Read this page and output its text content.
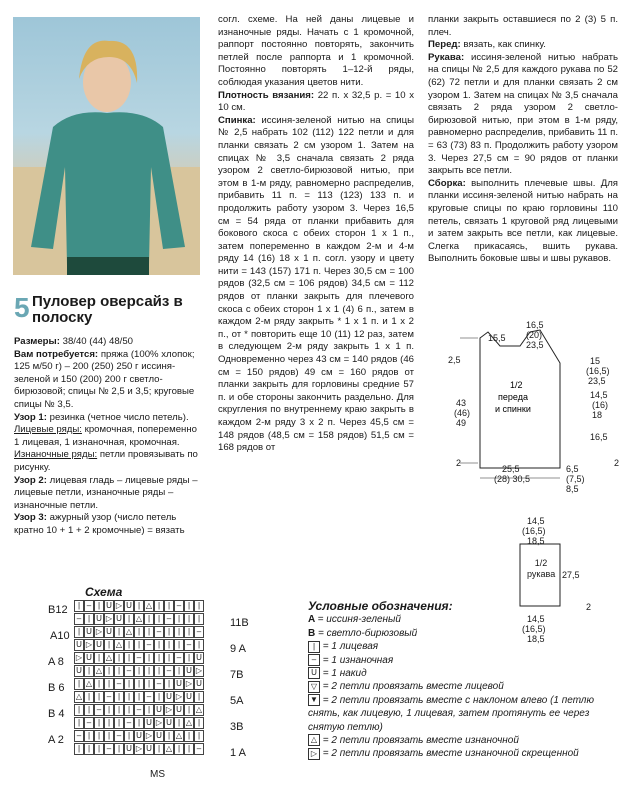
5 Пуловер оверсайз в полоску

Размеры: 38/40 (44) 48/50

Вам потребуется: пряжа (100% хлопок; 125 м/50 г) – 200 (250) 250 г иссиня-зеленой и 150 (200) 200 г светло-бирюзовой; спицы № 2,5 и 3,5; круговые спицы № 3,5.

Узор 1: резинка (четное число петель).

Лицевые ряды: кромочная, попеременно 1 лицевая, 1 изнаночная, кромочная. Изнаночные ряды: петли провязывать по рисунку.

Узор 2: лицевая гладь – лицевые ряды – лицевые петли, изнаночные ряды – изнаночные петли.

Узор 3: ажурный узор (число петель кратно 10 + 1 + 2 кромочные) = вязать

согл. схеме. На ней даны лицевые и изнаночные ряды. Начать с 1 кромочной, раппорт постоянно повторять, закончить петлей после раппорта и 1 кромочной. Постоянно повторять 1–12-й ряды, соблюдая указания цветов нити.

Плотность вязания: 22 п. х 32,5 р. = 10 х 10 см.

Спинка: иссиня-зеленой нитью на спицы № 2,5 набрать 102 (112) 122 петли и для планки связать 2 см узором 1. Затем на спицах № 3,5 сначала связать 2 ряда узором 2 светло-бирюзовой нитью, при этом в 1-м ряду, равномерно распределив, прибавить 11 п. = 113 (123) 133 п. и продолжить работу узором 3. Через 16,5 см = 54 ряда от планки прибавить для бокового скоса с обеих сторон 1 х 1 п., затем попеременно в каждом 2-м и 4-м ряду 14 (16) 18 х 1 п. согл. узору и цвету нити = 143 (157) 171 п. Через 30,5 см = 100 рядов (32,5 см = 106 рядов) 34,5 см = 112 рядов от планки закрыть для плечевого скоса с обеих сторон 1 х 1 (4) 6 п., затем в каждом 2-м ряду закрыть * 1 х 1 п. и 1 х 2 п., от * повторить еще 10 (11) 12 раз, затем в следующем 2-м ряду закрыть 1 х 1 п. Одновременно через 43 см = 140 рядов (46 см = 150 рядов) 49 см = 160 рядов от планки закрыть для горловины средние 57 п. и обе стороны закончить раздельно. Для скругления по внутреннему краю закрыть в каждом 2-м ряду 3 х 2 п. Через 45,5 см = 148 рядов (48,5 см = 158 рядов) 51,5 см = 168 рядов от

планки закрыть оставшиеся по 2 (3) 5 п. плеч.

Перед: вязать, как спинку.

Рукава: иссиня-зеленой нитью набрать на спицы № 2,5 для каждого рукава по 52 (62) 72 петли и для планки связать 2 см узором 1. Затем на спицах № 3,5 сначала связать 2 ряда узором 2 светло-бирюзовой нитью, при этом в 1-м ряду, равномерно распределив, прибавить 11 п. = 63 (73) 83 п. Продолжить работу узором 3. Через 27,5 см = 90 рядов от планки закрыть все петли.

Сборка: выполнить плечевые швы. Для планки иссиня-зеленой нитью набрать на круговые спицы по краю горловины 110 петель, связать 1 круговой ряд лицевыми и затем закрыть все петли, как лицевые. Слегка прикасаясь, вшить рукава. Выполнить боковые швы и швы рукавов.

1/2
переда
и спинки
2,5
15,5
16,5
(20)
23,5
15
(16,5)
23,5
43
(46)
49
14,5
(16)
18
16,5
2
25,5
(28) 30,5
6,5
(7,5)
8,5
2
14,5
(16,5)
18,5
27,5
2
14,5
(16,5)
18,5
1/2 рукава
Схема
| – | U ▷ U | △ | | – | |
– | U ▷ U | △ | | – | | |
| U ▷ U | △ | | – | | | –
U ▷ U | △ | | – | | | – |
▷ U | △ | | – | | | – | U
U | △ | | – | | | – | U ▷
| △ | | – | | | – | U ▷ U
△ | | – | | | – | U ▷ U |
| | – | | | – | U ▷ U | △
| – | | | – | U ▷ U | △ |
– | | | – | U ▷ U | △ | |
| | | – | U ▷ U | △ | | –
MS
B12
A10
A 8
B 6
B 4
A 2
11B
9 A
7B
5A
3B
1 A
Условные обозначения:
A = иссиня-зеленый
B = светло-бирюзовый
| = 1 лицевая
– = 1 изнаночная
U = 1 накид
▽ = 2 петли провязать вместе лицевой
▼ = 2 петли провязать вместе с наклоном влево (1 петлю снять, как лицевую, 1 лицевая, затем протянуть ее через снятую петлю)
△ = 2 петли провязать вместе изнаночной
▷ = 2 петли провязать вместе изнаночной скрещенной
